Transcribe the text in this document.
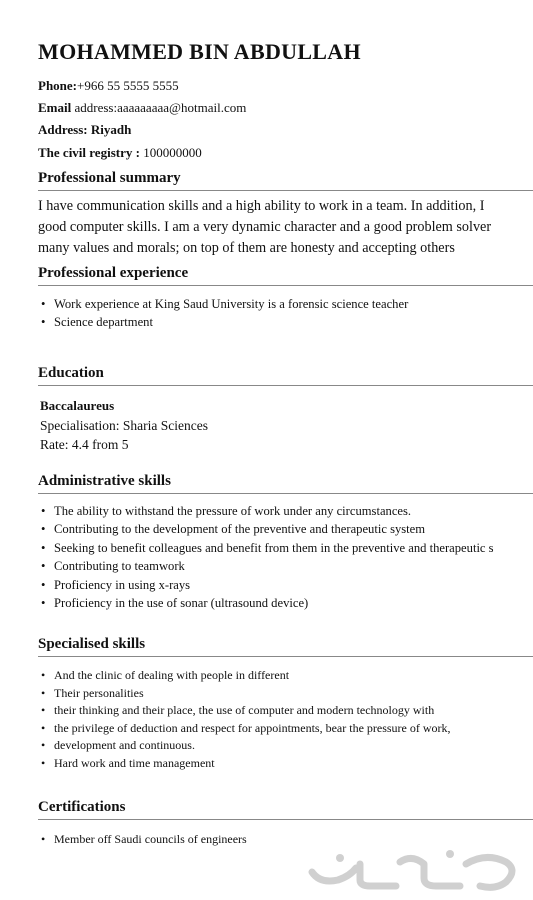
MOHAMMED BIN ABDULLAH

Phone:+966 55 5555 5555

Email address:aaaaaaaaa@hotmail.com

Address: Riyadh

The civil registry : 100000000

Professional summary
I have communication skills and a high ability to work in a team. In addition, I
good computer skills. I am a very dynamic character and a good problem solver
many values and morals; on top of them are honesty and accepting others
Professional experience
• Work experience at King Saud University is a forensic science teacher
• Science department
Education
Baccalaureus
Specialisation: Sharia Sciences
Rate: 4.4 from 5
Administrative skills
• The ability to withstand the pressure of work under any circumstances.
• Contributing to the development of the preventive and therapeutic system
• Seeking to benefit colleagues and benefit from them in the preventive and therapeutic s
• Contributing to teamwork
• Proficiency in using x-rays
• Proficiency in the use of sonar (ultrasound device)
Specialised skills
• And the clinic of dealing with people in different
• Their personalities
• their thinking and their place, the use of computer and modern technology with
• the privilege of deduction and respect for appointments, bear the pressure of work,
• development and continuous.
• Hard work and time management
Certifications
• Member off Saudi councils of engineers
